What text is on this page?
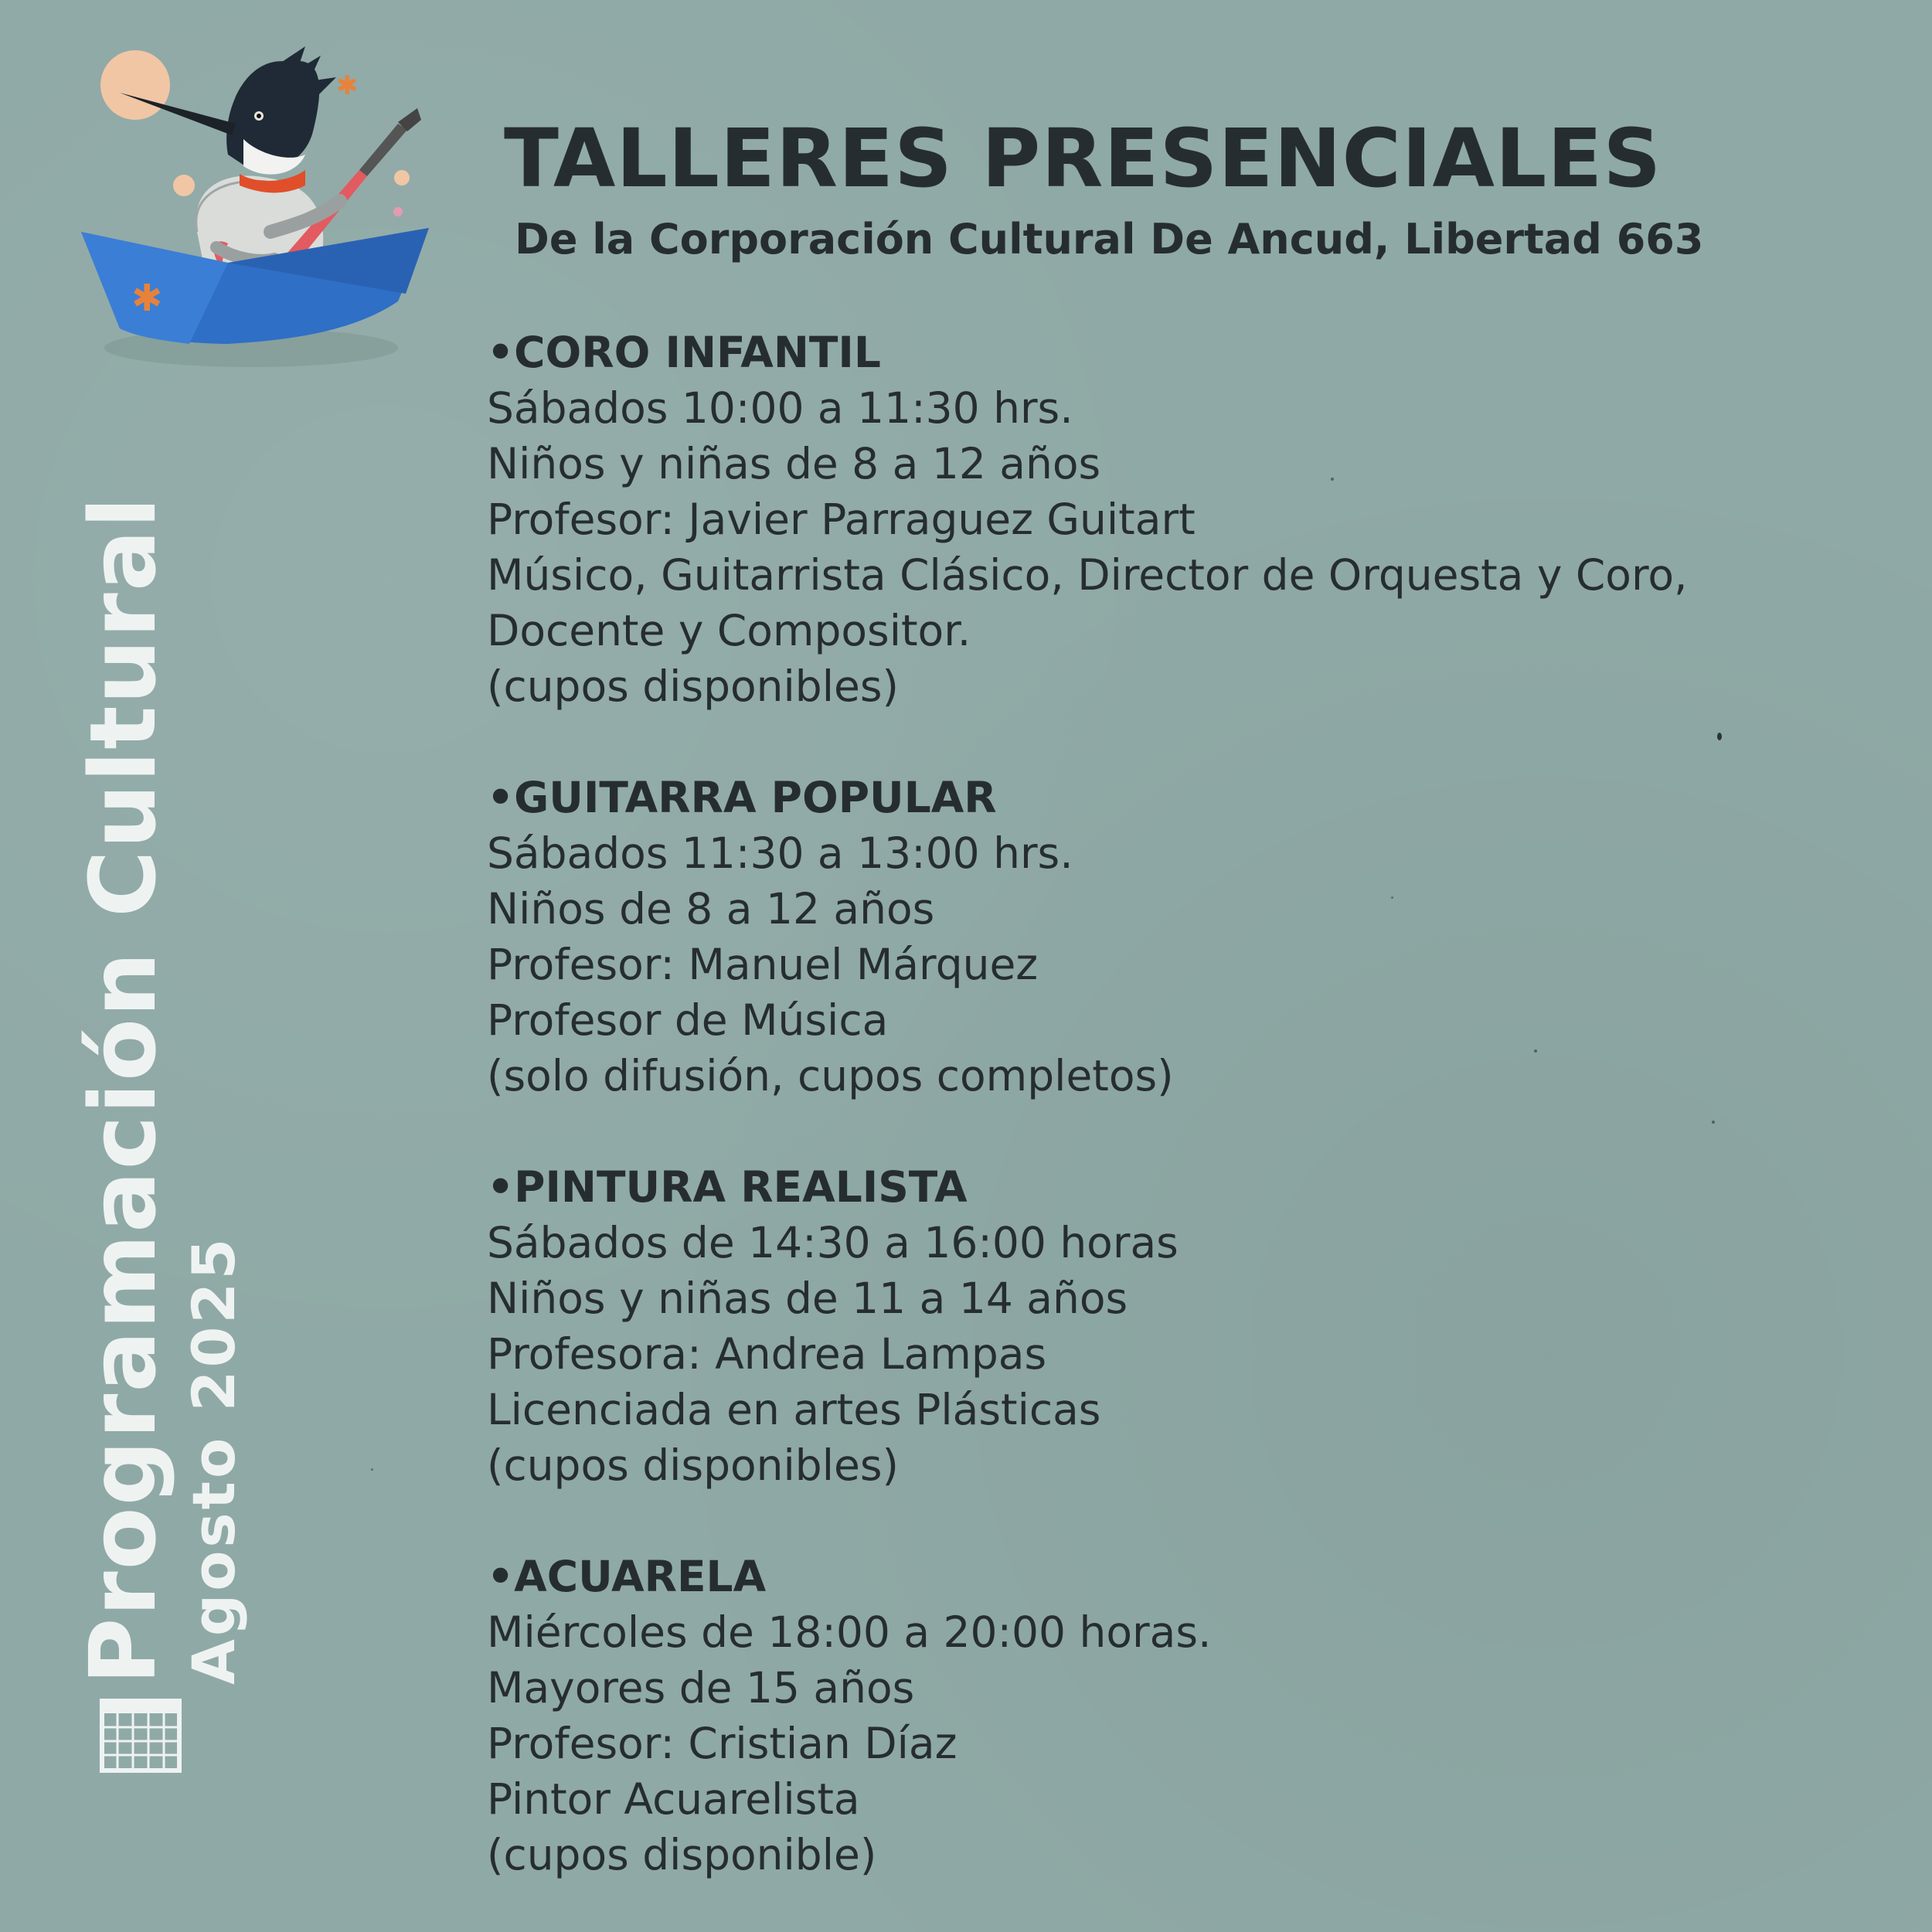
✱
✱
Programación Cultural Agosto 2025
TALLERES PRESENCIALES
De la Corporación Cultural De Ancud, Libertad 663
•CORO INFANTIL
Sábados 10:00 a 11:30 hrs.
Niños y niñas de 8 a 12 años
Profesor: Javier Parraguez Guitart
Músico, Guitarrista Clásico, Director de Orquesta y Coro,
Docente y Compositor.
(cupos disponibles)
•GUITARRA POPULAR
Sábados 11:30 a 13:00 hrs.
Niños de 8 a 12 años
Profesor: Manuel Márquez
Profesor de Música
(solo difusión, cupos completos)
•PINTURA REALISTA
Sábados de 14:30 a 16:00 horas
Niños y niñas de 11 a 14 años
Profesora: Andrea Lampas
Licenciada en artes Plásticas
(cupos disponibles)
•ACUARELA
Miércoles de 18:00 a 20:00 horas.
Mayores de 15 años
Profesor: Cristian Díaz
Pintor Acuarelista
(cupos disponible)
